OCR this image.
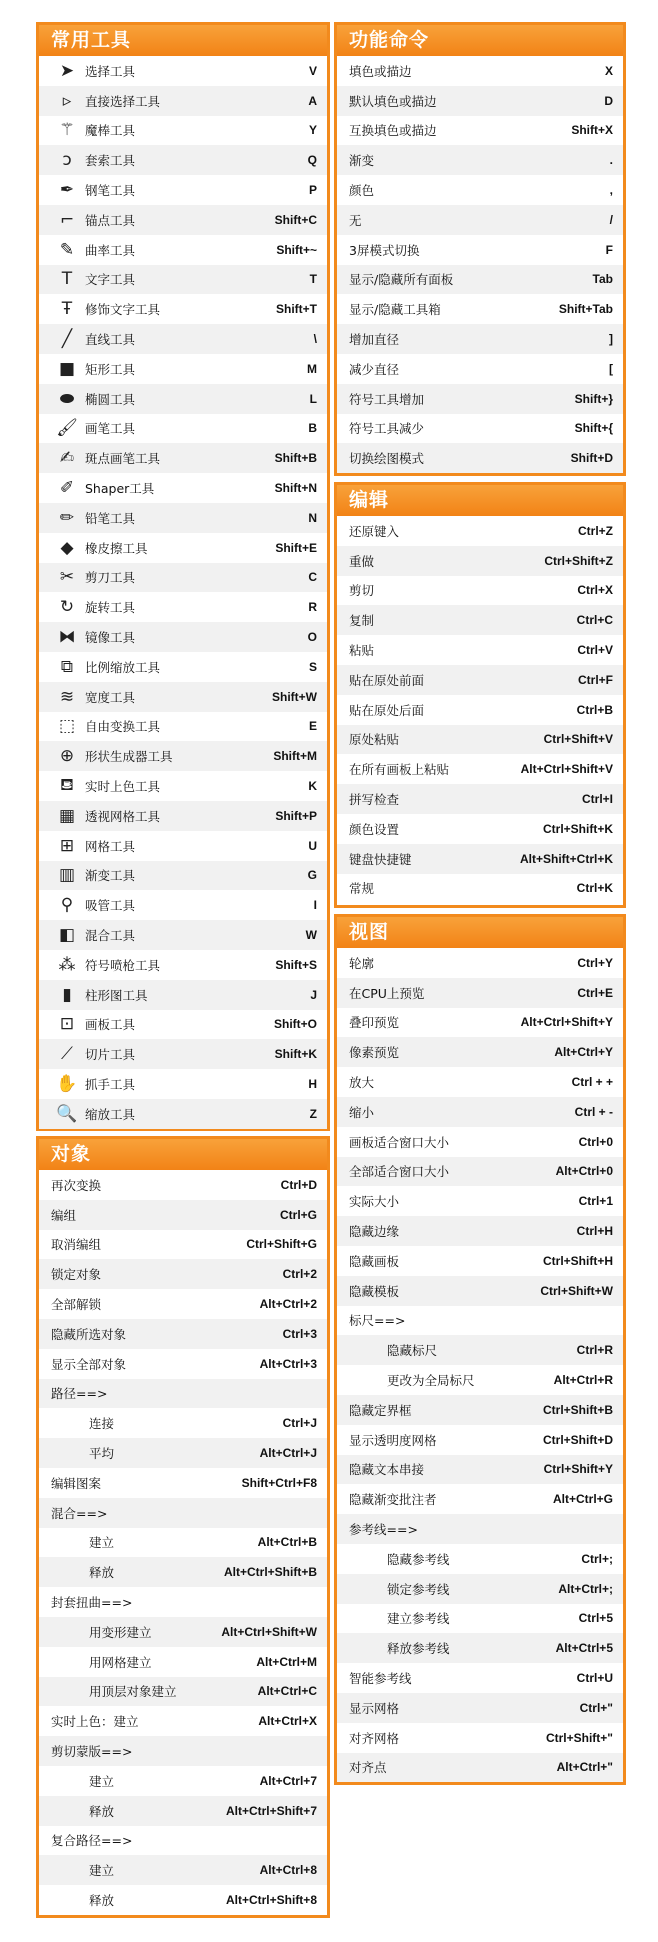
常用工具
➤ 选择工具	V
▹	直接选择工具	A
⚚ 魔棒工具	Y
ↄ	套索工具	Q
✒ 钢笔工具	P
⌐ 锚点工具	Shift+C
✎ 曲率工具	Shift+~
T	文字工具	T
Ŧ	修饰文字工具	Shift+T
╱	直线工具	\
■ 矩形工具	M
⬬ 椭圆工具	L
🖌 画笔工具	B
✍ 斑点画笔工具	Shift+B
✐ Shaper工具	Shift+N
✏ 铅笔工具	N
◆ 橡皮擦工具	Shift+E
✂ 剪刀工具	C
↻ 旋转工具	R
⧓ 镜像工具	O
⧉ 比例缩放工具	S
≋ 宽度工具	Shift+W
⬚ 自由变换工具	E
⊕ 形状生成器工具	Shift+M
⛾ 实时上色工具	K
▦ 透视网格工具	Shift+P
⊞ 网格工具	U
▥ 渐变工具	G
⚲ 吸管工具	I
◧ 混合工具	W
⁂ 符号喷枪工具	Shift+S
▮	柱形图工具	J
⊡ 画板工具	Shift+O
⟋ 切片工具	Shift+K
✋ 抓手工具	H
🔍 缩放工具	Z
功能命令
填色或描边	X
默认填色或描边	D
互换填色或描边	Shift+X
渐变	.
颜色	,
无	/
3屏模式切换	F
显示/隐藏所有面板	Tab
显示/隐藏工具箱	Shift+Tab
增加直径	]
减少直径	[
符号工具增加	Shift+}
符号工具减少	Shift+{
切换绘图模式	Shift+D
编辑
还原键入	Ctrl+Z
重做	Ctrl+Shift+Z
剪切	Ctrl+X
复制	Ctrl+C
粘贴	Ctrl+V
贴在原处前面	Ctrl+F
贴在原处后面	Ctrl+B
原处粘贴	Ctrl+Shift+V
在所有画板上粘贴	Alt+Ctrl+Shift+V
拼写检查	Ctrl+I
颜色设置	Ctrl+Shift+K
键盘快捷键	Alt+Shift+Ctrl+K
常规	Ctrl+K
视图
轮廓	Ctrl+Y
在CPU上预览	Ctrl+E
叠印预览	Alt+Ctrl+Shift+Y
像素预览	Alt+Ctrl+Y
放大	Ctrl + +
缩小	Ctrl + -
画板适合窗口大小	Ctrl+0
全部适合窗口大小	Alt+Ctrl+0
实际大小	Ctrl+1
隐藏边缘	Ctrl+H
隐藏画板	Ctrl+Shift+H
隐藏模板	Ctrl+Shift+W
标尺==>
隐藏标尺	Ctrl+R
更改为全局标尺	Alt+Ctrl+R
隐藏定界框	Ctrl+Shift+B
显示透明度网格	Ctrl+Shift+D
隐藏文本串接	Ctrl+Shift+Y
隐藏渐变批注者	Alt+Ctrl+G
参考线==>
隐藏参考线	Ctrl+;
锁定参考线	Alt+Ctrl+;
建立参考线	Ctrl+5
释放参考线	Alt+Ctrl+5
智能参考线	Ctrl+U
显示网格	Ctrl+"
对齐网格	Ctrl+Shift+"
对齐点	Alt+Ctrl+"
对象
再次变换	Ctrl+D
编组	Ctrl+G
取消编组	Ctrl+Shift+G
锁定对象	Ctrl+2
全部解锁	Alt+Ctrl+2
隐藏所选对象	Ctrl+3
显示全部对象	Alt+Ctrl+3
路径==>
连接	Ctrl+J
平均	Alt+Ctrl+J
编辑图案	Shift+Ctrl+F8
混合==>
建立	Alt+Ctrl+B
释放	Alt+Ctrl+Shift+B
封套扭曲==>
用变形建立	Alt+Ctrl+Shift+W
用网格建立	Alt+Ctrl+M
用顶层对象建立	Alt+Ctrl+C
实时上色：建立	Alt+Ctrl+X
剪切蒙版==>
建立	Alt+Ctrl+7
释放	Alt+Ctrl+Shift+7
复合路径==>
建立	Alt+Ctrl+8
释放	Alt+Ctrl+Shift+8
